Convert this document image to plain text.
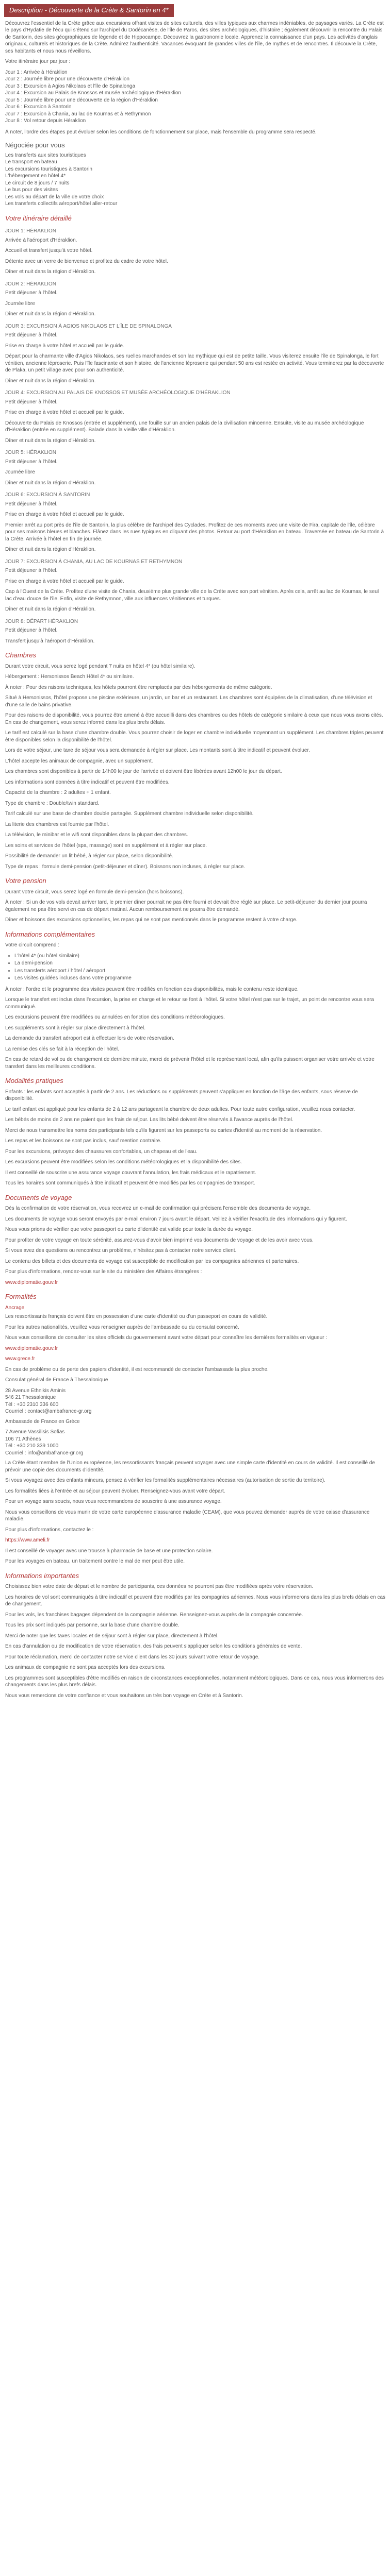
Description - Découverte de la Crète & Santorin en 4*

Découvrez l'essentiel de la Crète grâce aux excursions offrant visites de sites culturels, des villes typiques aux charmes indéniables, de paysages variés. La Crète est le pays d'Hydatie de l'écu qui s'étend sur l'archipel du Dodécanèse, de l'île de Paros, des sites archéologiques, d'histoire ; également découvrir la rencontre du Palais de Santorin, des sites géographiques de légende et de Hippocampe. Découvrez la gastronomie locale. Apprenez la connaissance d'un pays. Les activités d'anglais originaux, culturels et historiques de la Crète. Admirez l'authenticité. Vacances évoquant de grandes villes de l'île, de mythes et de rencontres. Il découvre la Crète, ses habitants et nous nous réveillons.

Votre itinéraire jour par jour :

Jour 1 : Arrivée à Héraklion
Jour 2 : Journée libre pour une découverte d'Héraklion
Jour 3 : Excursion à Agios Nikolaos et l'île de Spinalonga
Jour 4 : Excursion au Palais de Knossos et musée archéologique d'Héraklion
Jour 5 : Journée libre pour une découverte de la région d'Héraklion
Jour 6 : Excursion à Santorin
Jour 7 : Excursion à Chania, au lac de Kournas et à Rethymnon
Jour 8 : Vol retour depuis Héraklion

À noter, l'ordre des étapes peut évoluer selon les conditions de fonctionnement sur place, mais l'ensemble du programme sera respecté.

Négociée pour vous
Les transferts aux sites touristiques
Le transport en bateau
Les excursions touristiques à Santorin
L'hébergement en hôtel 4*
Le circuit de 8 jours / 7 nuits
Le bus pour des visites
Les vols au départ de la ville de votre choix
Les transferts collectifs aéroport/hôtel aller-retour
Votre itinéraire détaillé
JOUR 1: HÉRAKLION

Arrivée à l'aéroport d'Héraklion.

Accueil et transfert jusqu'à votre hôtel.

Détente avec un verre de bienvenue et profitez du cadre de votre hôtel.

Dîner et nuit dans la région d'Héraklion.

JOUR 2: HÉRAKLION

Petit déjeuner à l'hôtel.

Journée libre

Dîner et nuit dans la région d'Héraklion.

JOUR 3: EXCURSION À AGIOS NIKOLAOS ET L'ÎLE DE SPINALONGA

Petit déjeuner à l'hôtel.

Prise en charge à votre hôtel et accueil par le guide.

Départ pour la charmante ville d'Agios Nikolaos, ses ruelles marchandes et son lac mythique qui est de petite taille. Vous visiterez ensuite l'île de Spinalonga, le fort vénitien, ancienne léproserie. Puis l'île fascinante et son histoire, de l'ancienne léproserie qui pendant 50 ans est restée en activité. Vous terminerez par la découverte de Plaka, un petit village avec pour son authenticité.

Dîner et nuit dans la région d'Héraklion.

JOUR 4: EXCURSION AU PALAIS DE KNOSSOS ET MUSÉE ARCHÉOLOGIQUE D'HÉRAKLION

Petit déjeuner à l'hôtel.

Prise en charge à votre hôtel et accueil par le guide.

Découverte du Palais de Knossos (entrée et supplément), une fouille sur un ancien palais de la civilisation minoenne. Ensuite, visite au musée archéologique d'Héraklion (entrée en supplément). Balade dans la vieille ville d'Héraklion.

Dîner et nuit dans la région d'Héraklion.

JOUR 5: HÉRAKLION

Petit déjeuner à l'hôtel.

Journée libre

Dîner et nuit dans la région d'Héraklion.

JOUR 6: EXCURSION À SANTORIN

Petit déjeuner à l'hôtel.

Prise en charge à votre hôtel et accueil par le guide.

Premier arrêt au port près de l'île de Santorin, la plus célèbre de l'archipel des Cyclades. Profitez de ces moments avec une visite de Fira, capitale de l'île, célèbre pour ses maisons bleues et blanches. Flânez dans les rues typiques en cliquant des photos. Retour au port d'Héraklion en bateau. Traversée en bateau de Santorin à la Crète. Arrivée à l'hôtel en fin de journée.

Dîner et nuit dans la région d'Héraklion.

JOUR 7: EXCURSION À CHANIA, AU LAC DE KOURNAS ET RETHYMNON

Petit déjeuner à l'hôtel.

Prise en charge à votre hôtel et accueil par le guide.

Cap à l'Ouest de la Crète. Profitez d'une visite de Chania, deuxième plus grande ville de la Crète avec son port vénitien. Après cela, arrêt au lac de Kournas, le seul lac d'eau douce de l'île. Enfin, visite de Rethymnon, ville aux influences vénitiennes et turques.

Dîner et nuit dans la région d'Héraklion.

JOUR 8: DÉPART HÉRAKLION

Petit déjeuner à l'hôtel.

Transfert jusqu'à l'aéroport d'Héraklion.

Chambres

Durant votre circuit, vous serez logé pendant 7 nuits en hôtel 4* (ou hôtel similaire).

Hébergement : Hersonissos Beach Hôtel 4* ou similaire.

À noter : Pour des raisons techniques, les hôtels pourront être remplacés par des hébergements de même catégorie.

Situé à Hersonissos, l'hôtel propose une piscine extérieure, un jardin, un bar et un restaurant. Les chambres sont équipées de la climatisation, d'une télévision et d'une salle de bains privative.

Pour des raisons de disponibilité, vous pourrez être amené à être accueilli dans des chambres ou des hôtels de catégorie similaire à ceux que nous vous avons cités. En cas de changement, vous serez informé dans les plus brefs délais.

Le tarif est calculé sur la base d'une chambre double. Vous pourrez choisir de loger en chambre individuelle moyennant un supplément. Les chambres triples peuvent être disponibles selon la disponibilité de l'hôtel.

Lors de votre séjour, une taxe de séjour vous sera demandée à régler sur place. Les montants sont à titre indicatif et peuvent évoluer.

L'hôtel accepte les animaux de compagnie, avec un supplément.

Les chambres sont disponibles à partir de 14h00 le jour de l'arrivée et doivent être libérées avant 12h00 le jour du départ.

Les informations sont données à titre indicatif et peuvent être modifiées.

Capacité de la chambre : 2 adultes + 1 enfant.

Type de chambre : Double/twin standard.

Tarif calculé sur une base de chambre double partagée. Supplément chambre individuelle selon disponibilité.

La literie des chambres est fournie par l'hôtel.

La télévision, le minibar et le wifi sont disponibles dans la plupart des chambres.

Les soins et services de l'hôtel (spa, massage) sont en supplément et à régler sur place.

Possibilité de demander un lit bébé, à régler sur place, selon disponibilité.

Type de repas : formule demi-pension (petit-déjeuner et dîner). Boissons non incluses, à régler sur place.

Votre pension

Durant votre circuit, vous serez logé en formule demi-pension (hors boissons).

À noter : Si un de vos vols devait arriver tard, le premier dîner pourrait ne pas être fourni et devrait être réglé sur place. Le petit-déjeuner du dernier jour pourra également ne pas être servi en cas de départ matinal. Aucun remboursement ne pourra être demandé.

Dîner et boissons des excursions optionnelles, les repas qui ne sont pas mentionnés dans le programme restent à votre charge.

Informations complémentaires

Votre circuit comprend :

• L'hôtel 4* (ou hôtel similaire)
• La demi-pension
• Les transferts aéroport / hôtel / aéroport
• Les visites guidées incluses dans votre programme

À noter : l'ordre et le programme des visites peuvent être modifiés en fonction des disponibilités, mais le contenu reste identique.

Lorsque le transfert est inclus dans l'excursion, la prise en charge et le retour se font à l'hôtel. Si votre hôtel n'est pas sur le trajet, un point de rencontre vous sera communiqué.

Les excursions peuvent être modifiées ou annulées en fonction des conditions météorologiques.

Les suppléments sont à régler sur place directement à l'hôtel.

La demande du transfert aéroport est à effectuer lors de votre réservation.

La remise des clés se fait à la réception de l'hôtel.

En cas de retard de vol ou de changement de dernière minute, merci de prévenir l'hôtel et le représentant local, afin qu'ils puissent organiser votre arrivée et votre transfert dans les meilleures conditions.

Modalités pratiques

Enfants : les enfants sont acceptés à partir de 2 ans. Les réductions ou suppléments peuvent s'appliquer en fonction de l'âge des enfants, sous réserve de disponibilité.

Le tarif enfant est appliqué pour les enfants de 2 à 12 ans partageant la chambre de deux adultes. Pour toute autre configuration, veuillez nous contacter.

Les bébés de moins de 2 ans ne paient que les frais de séjour. Les lits bébé doivent être réservés à l'avance auprès de l'hôtel.

Merci de nous transmettre les noms des participants tels qu'ils figurent sur les passeports ou cartes d'identité au moment de la réservation.

Les repas et les boissons ne sont pas inclus, sauf mention contraire.

Pour les excursions, prévoyez des chaussures confortables, un chapeau et de l'eau.

Les excursions peuvent être modifiées selon les conditions météorologiques et la disponibilité des sites.

Il est conseillé de souscrire une assurance voyage couvrant l'annulation, les frais médicaux et le rapatriement.

Tous les horaires sont communiqués à titre indicatif et peuvent être modifiés par les compagnies de transport.

Documents de voyage

Dès la confirmation de votre réservation, vous recevrez un e-mail de confirmation qui précisera l'ensemble des documents de voyage.

Les documents de voyage vous seront envoyés par e-mail environ 7 jours avant le départ. Veillez à vérifier l'exactitude des informations qui y figurent.

Nous vous prions de vérifier que votre passeport ou carte d'identité est valide pour toute la durée du voyage.

Pour profiter de votre voyage en toute sérénité, assurez-vous d'avoir bien imprimé vos documents de voyage et de les avoir avec vous.

Si vous avez des questions ou rencontrez un problème, n'hésitez pas à contacter notre service client.

Le contenu des billets et des documents de voyage est susceptible de modification par les compagnies aériennes et partenaires.

Pour plus d'informations, rendez-vous sur le site du ministère des Affaires étrangères :

www.diplomatie.gouv.fr

Formalités
Ancrage

Les ressortissants français doivent être en possession d'une carte d'identité ou d'un passeport en cours de validité.

Pour les autres nationalités, veuillez vous renseigner auprès de l'ambassade ou du consulat concerné.

Nous vous conseillons de consulter les sites officiels du gouvernement avant votre départ pour connaître les dernières formalités en vigueur :

www.diplomatie.gouv.fr

www.grece.fr

En cas de problème ou de perte des papiers d'identité, il est recommandé de contacter l'ambassade la plus proche.

Consulat général de France à Thessalonique

28 Avenue Ethnikis Aminis
546 21 Thessalonique
Tél : +30 2310 336 600
Courriel : contact@ambafrance-gr.org

Ambassade de France en Grèce

7 Avenue Vassilisis Sofias
106 71 Athènes
Tél : +30 210 339 1000
Courriel : info@ambafrance-gr.org

La Crète étant membre de l'Union européenne, les ressortissants français peuvent voyager avec une simple carte d'identité en cours de validité. Il est conseillé de prévoir une copie des documents d'identité.

Si vous voyagez avec des enfants mineurs, pensez à vérifier les formalités supplémentaires nécessaires (autorisation de sortie du territoire).

Les formalités liées à l'entrée et au séjour peuvent évoluer. Renseignez-vous avant votre départ.

Pour un voyage sans soucis, nous vous recommandons de souscrire à une assurance voyage.

Nous vous conseillons de vous munir de votre carte européenne d'assurance maladie (CEAM), que vous pouvez demander auprès de votre caisse d'assurance maladie.

Pour plus d'informations, contactez le :

https://www.ameli.fr

Il est conseillé de voyager avec une trousse à pharmacie de base et une protection solaire.

Pour les voyages en bateau, un traitement contre le mal de mer peut être utile.

Informations importantes

Choisissez bien votre date de départ et le nombre de participants, ces données ne pourront pas être modifiées après votre réservation.

Les horaires de vol sont communiqués à titre indicatif et peuvent être modifiés par les compagnies aériennes. Nous vous informerons dans les plus brefs délais en cas de changement.

Pour les vols, les franchises bagages dépendent de la compagnie aérienne. Renseignez-vous auprès de la compagnie concernée.

Tous les prix sont indiqués par personne, sur la base d'une chambre double.

Merci de noter que les taxes locales et de séjour sont à régler sur place, directement à l'hôtel.

En cas d'annulation ou de modification de votre réservation, des frais peuvent s'appliquer selon les conditions générales de vente.

Pour toute réclamation, merci de contacter notre service client dans les 30 jours suivant votre retour de voyage.

Les animaux de compagnie ne sont pas acceptés lors des excursions.

Les programmes sont susceptibles d'être modifiés en raison de circonstances exceptionnelles, notamment météorologiques. Dans ce cas, nous vous informerons des changements dans les plus brefs délais.

Nous vous remercions de votre confiance et vous souhaitons un très bon voyage en Crète et à Santorin.
